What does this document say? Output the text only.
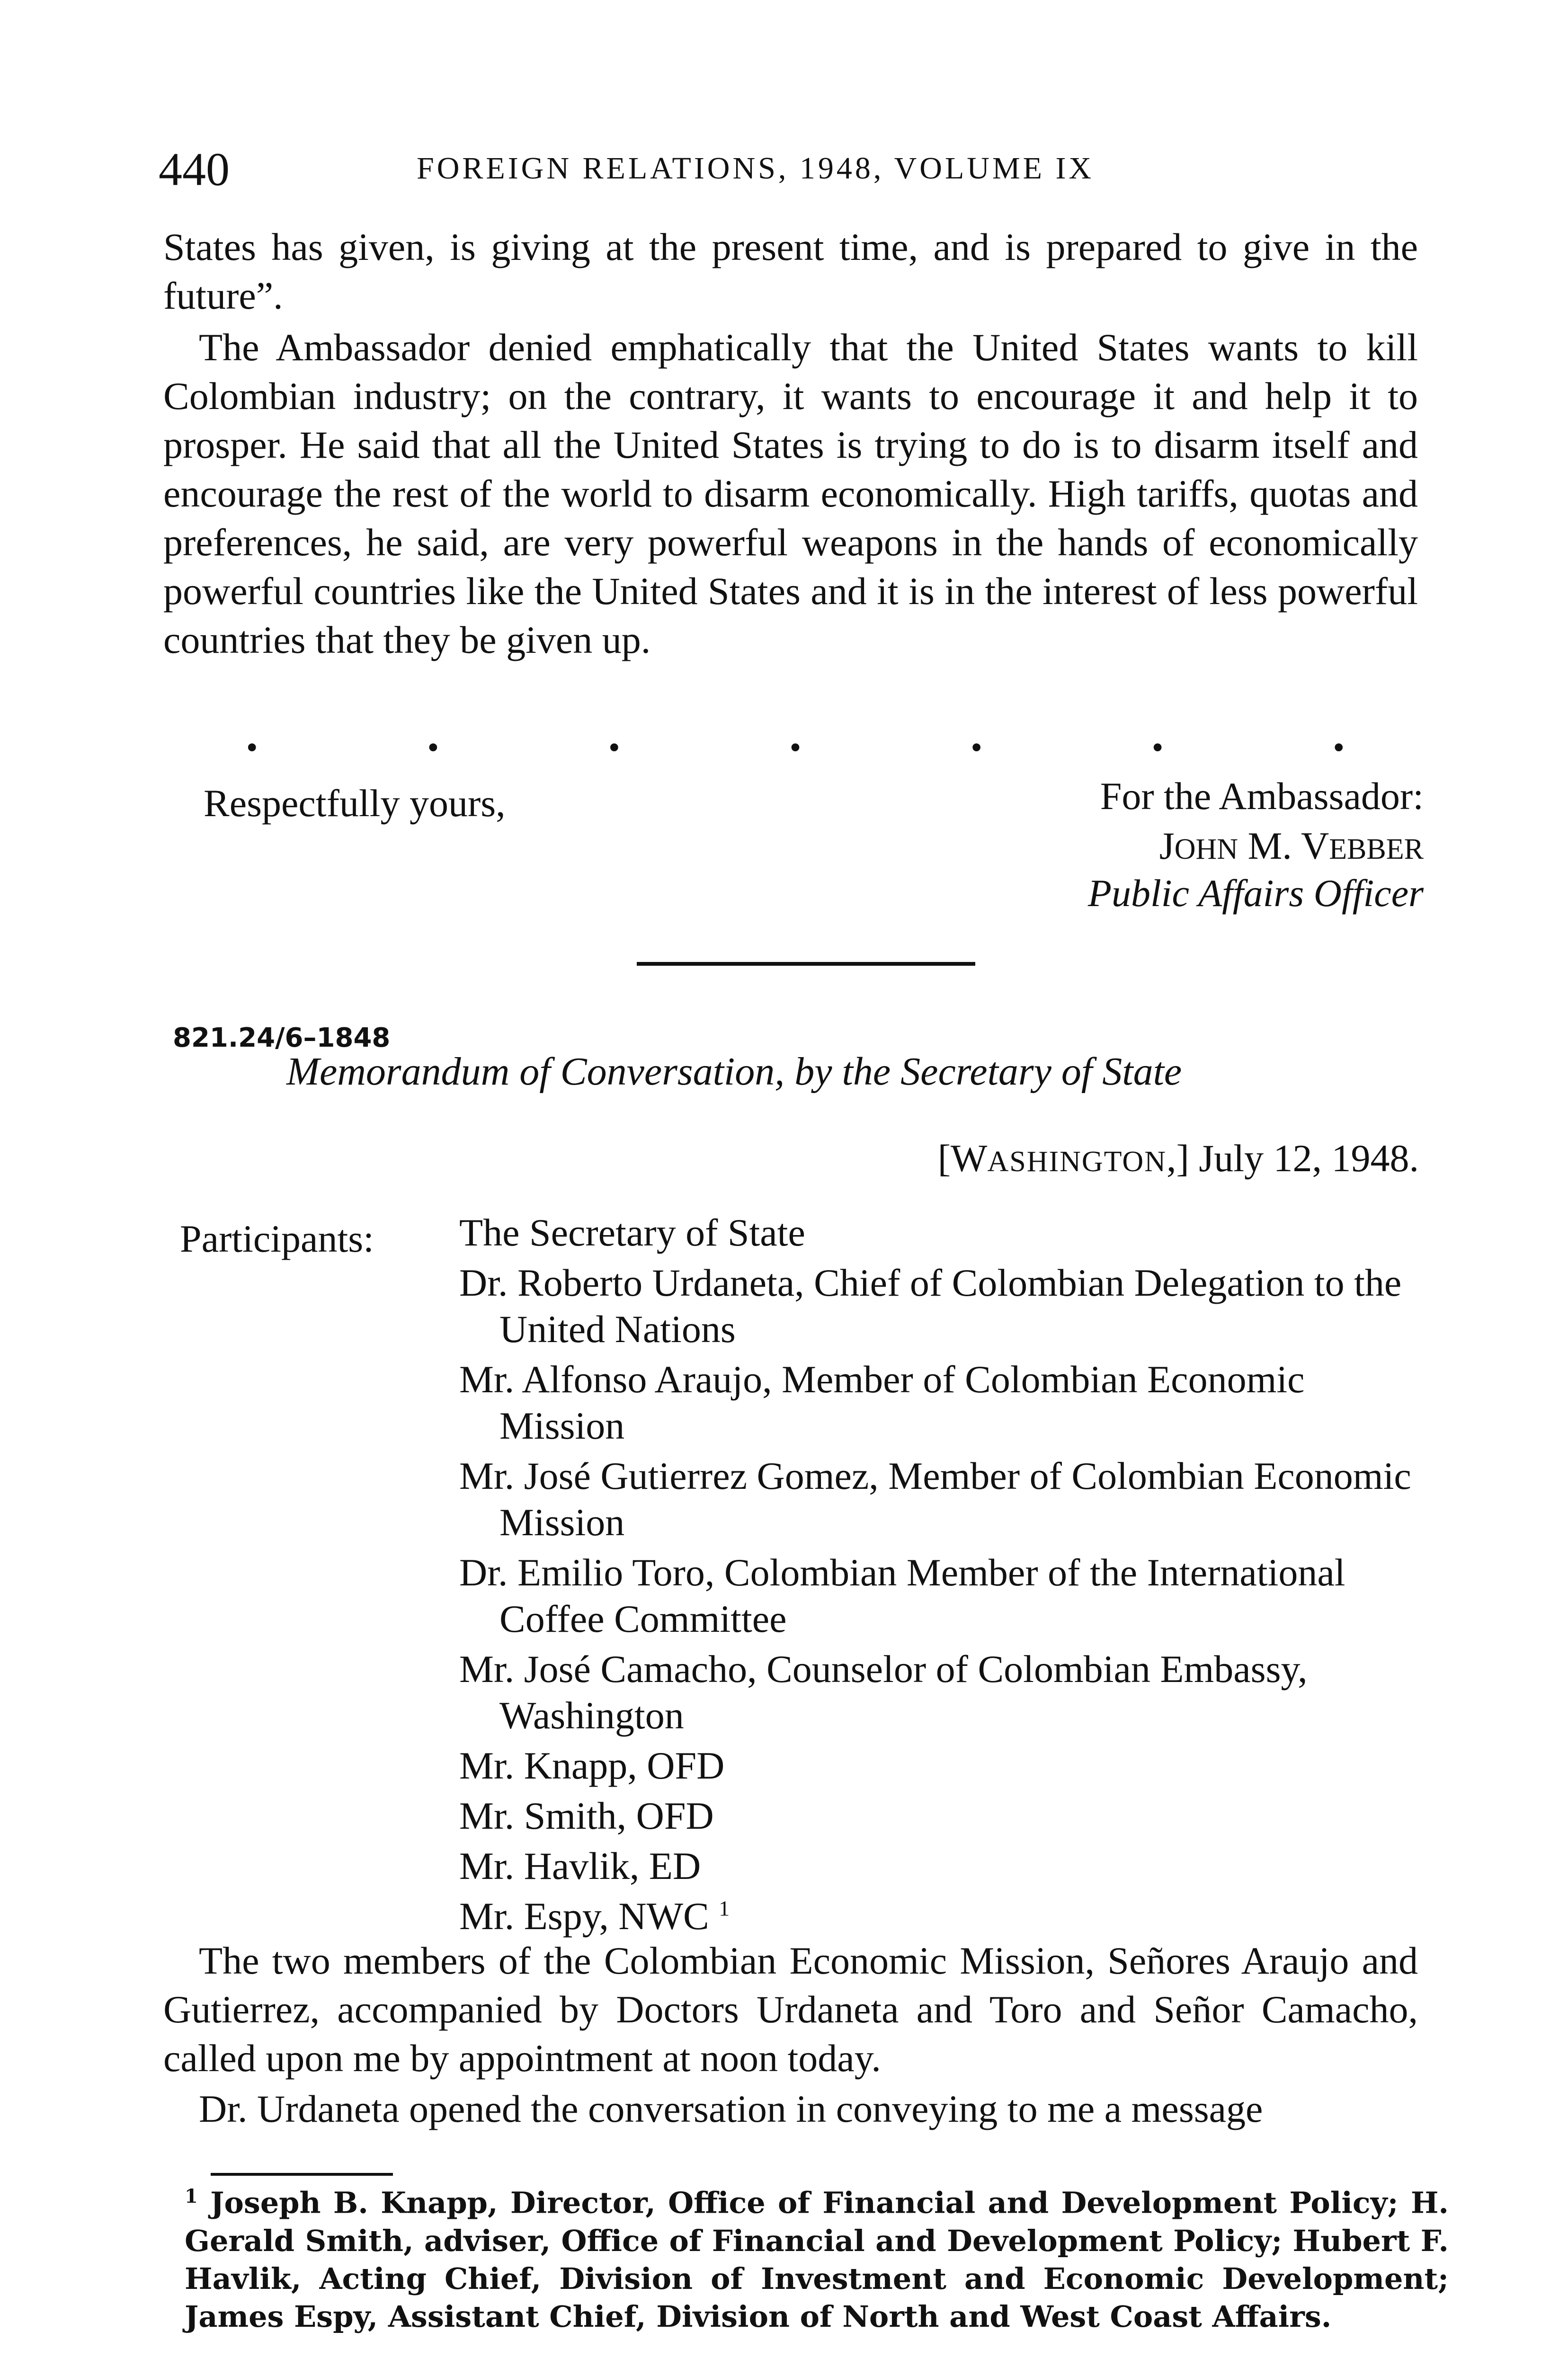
440	FOREIGN RELATIONS, 1948, VOLUME IX

States has given, is giving at the present time, and is prepared to give in the future”.

The Ambassador denied emphatically that the United States wants to kill Colombian industry; on the contrary, it wants to encourage it and help it to prosper. He said that all the United States is trying to do is to disarm itself and encourage the rest of the world to disarm economically. High tariffs, quotas and preferences, he said, are very powerful weapons in the hands of economically powerful countries like the United States and it is in the interest of less powerful countries that they be given up.

•	•	•	•	•	•	•
Respectfully yours,	For the Ambassador:
JOHN M. VEBBER
Public Affairs Officer
821.24/6–1848
Memorandum of Conversation, by the Secretary of State
[WASHINGTON,] July 12, 1948.
Participants: The Secretary of State
Dr. Roberto Urdaneta, Chief of Colombian Delegation to the United Nations
Mr. Alfonso Araujo, Member of Colombian Economic Mission
Mr. José Gutierrez Gomez, Member of Colombian Economic Mission
Dr. Emilio Toro, Colombian Member of the International Coffee Committee
Mr. José Camacho, Counselor of Colombian Embassy, Washington
Mr. Knapp, OFD
Mr. Smith, OFD
Mr. Havlik, ED
Mr. Espy, NWC $^1$

The two members of the Colombian Economic Mission, Señores Araujo and Gutierrez, accompanied by Doctors Urdaneta and Toro and Señor Camacho, called upon me by appointment at noon today.

Dr. Urdaneta opened the conversation in conveying to me a message

$^1$ Joseph B. Knapp, Director, Office of Financial and Development Policy; H. Gerald Smith, adviser, Office of Financial and Development Policy; Hubert F. Havlik, Acting Chief, Division of Investment and Economic Development; James Espy, Assistant Chief, Division of North and West Coast Affairs.
